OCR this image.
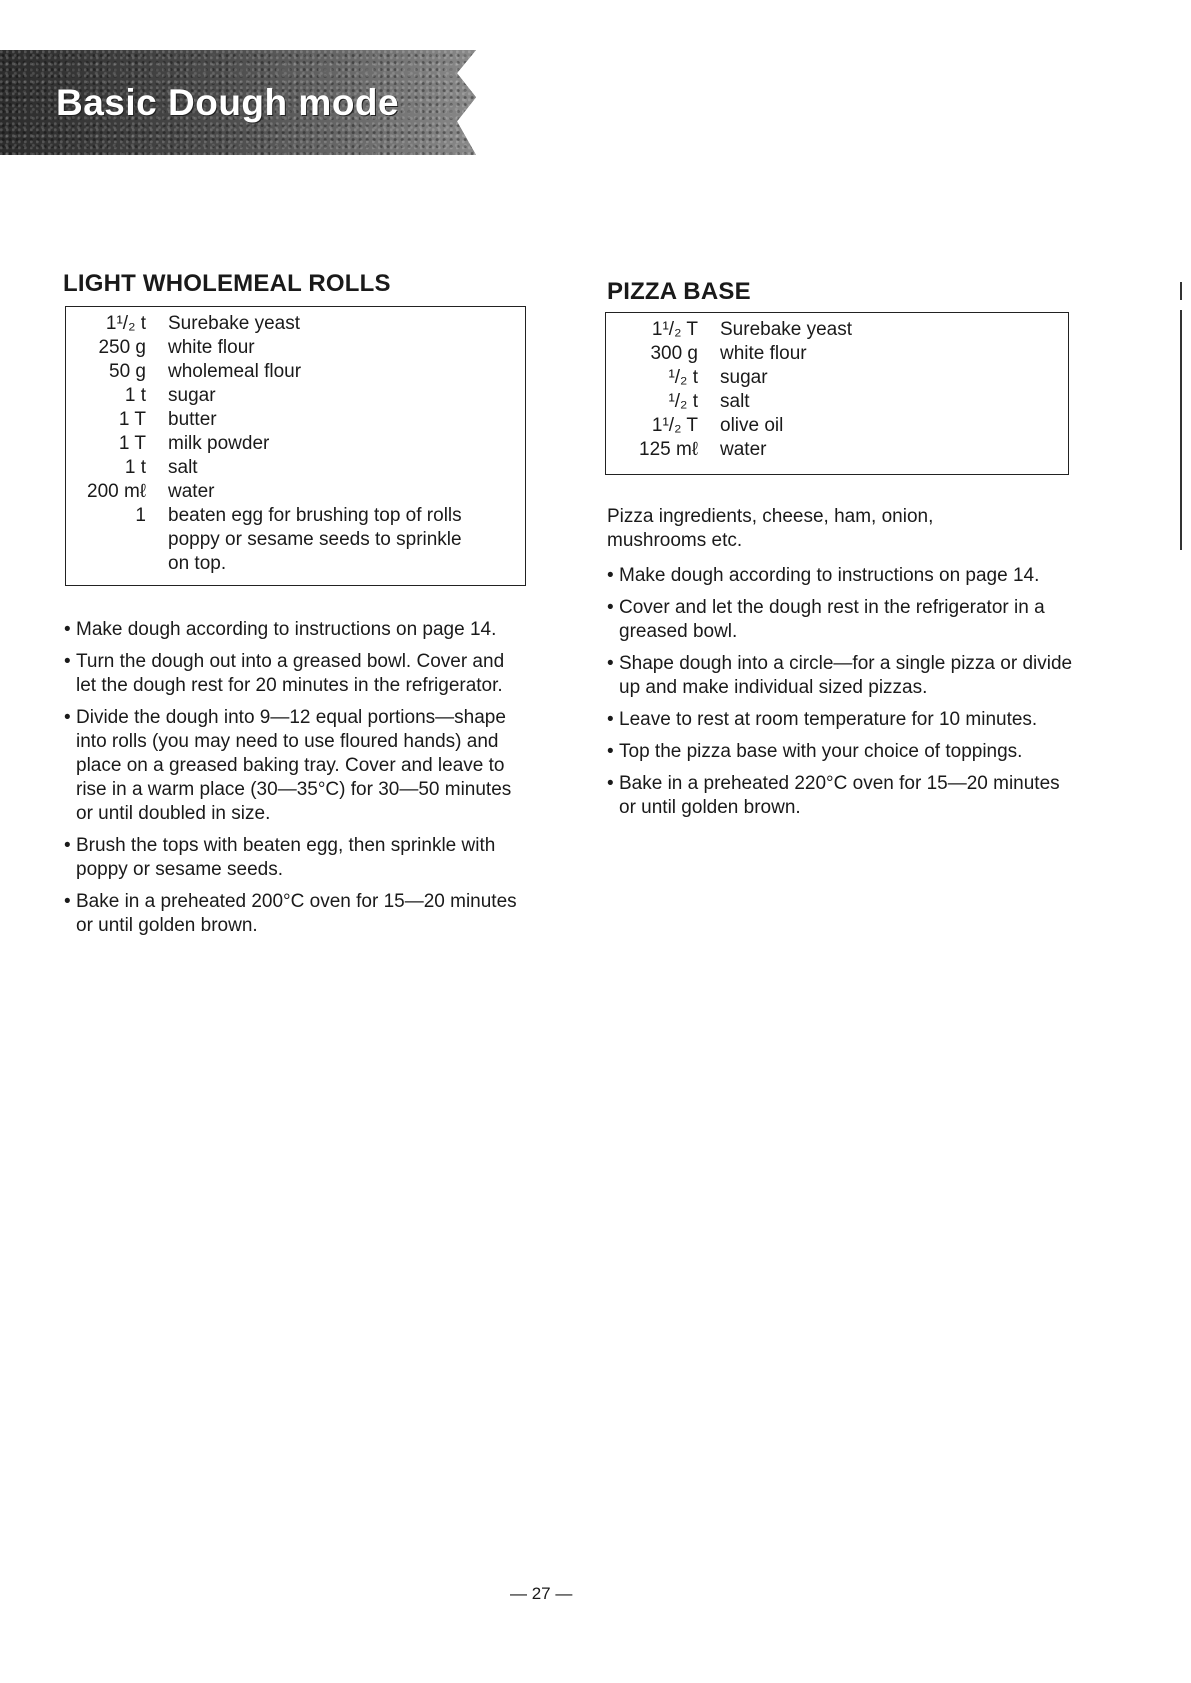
Basic Dough mode
LIGHT WHOLEMEAL ROLLS
1¹/₂ t	Surebake yeast
250 g	white flour
50 g	wholemeal flour
1 t	sugar
1 T	butter
1 T	milk powder
1 t	salt
200 mℓ	water
1	beaten egg for brushing top of rolls
poppy or sesame seeds to sprinkle
on top.
• Make dough according to instructions on page 14.
• Turn the dough out into a greased bowl. Cover and let the dough rest for 20 minutes in the refrigerator.
• Divide the dough into 9—12 equal portions—shape into rolls (you may need to use floured hands) and place on a greased baking tray. Cover and leave to rise in a warm place (30—35°C) for 30—50 minutes or until doubled in size.
• Brush the tops with beaten egg, then sprinkle with poppy or sesame seeds.
• Bake in a preheated 200°C oven for 15—20 minutes or until golden brown.
PIZZA BASE
1¹/₂ T	Surebake yeast
300 g	white flour
¹/₂ t	sugar
¹/₂ t	salt
1¹/₂ T	olive oil
125 mℓ	water
Pizza ingredients, cheese, ham, onion, mushrooms etc.
• Make dough according to instructions on page 14.
• Cover and let the dough rest in the refrigerator in a greased bowl.
• Shape dough into a circle—for a single pizza or divide up and make individual sized pizzas.
• Leave to rest at room temperature for 10 minutes.
• Top the pizza base with your choice of toppings.
• Bake in a preheated 220°C oven for 15—20 minutes or until golden brown.
— 27 —
